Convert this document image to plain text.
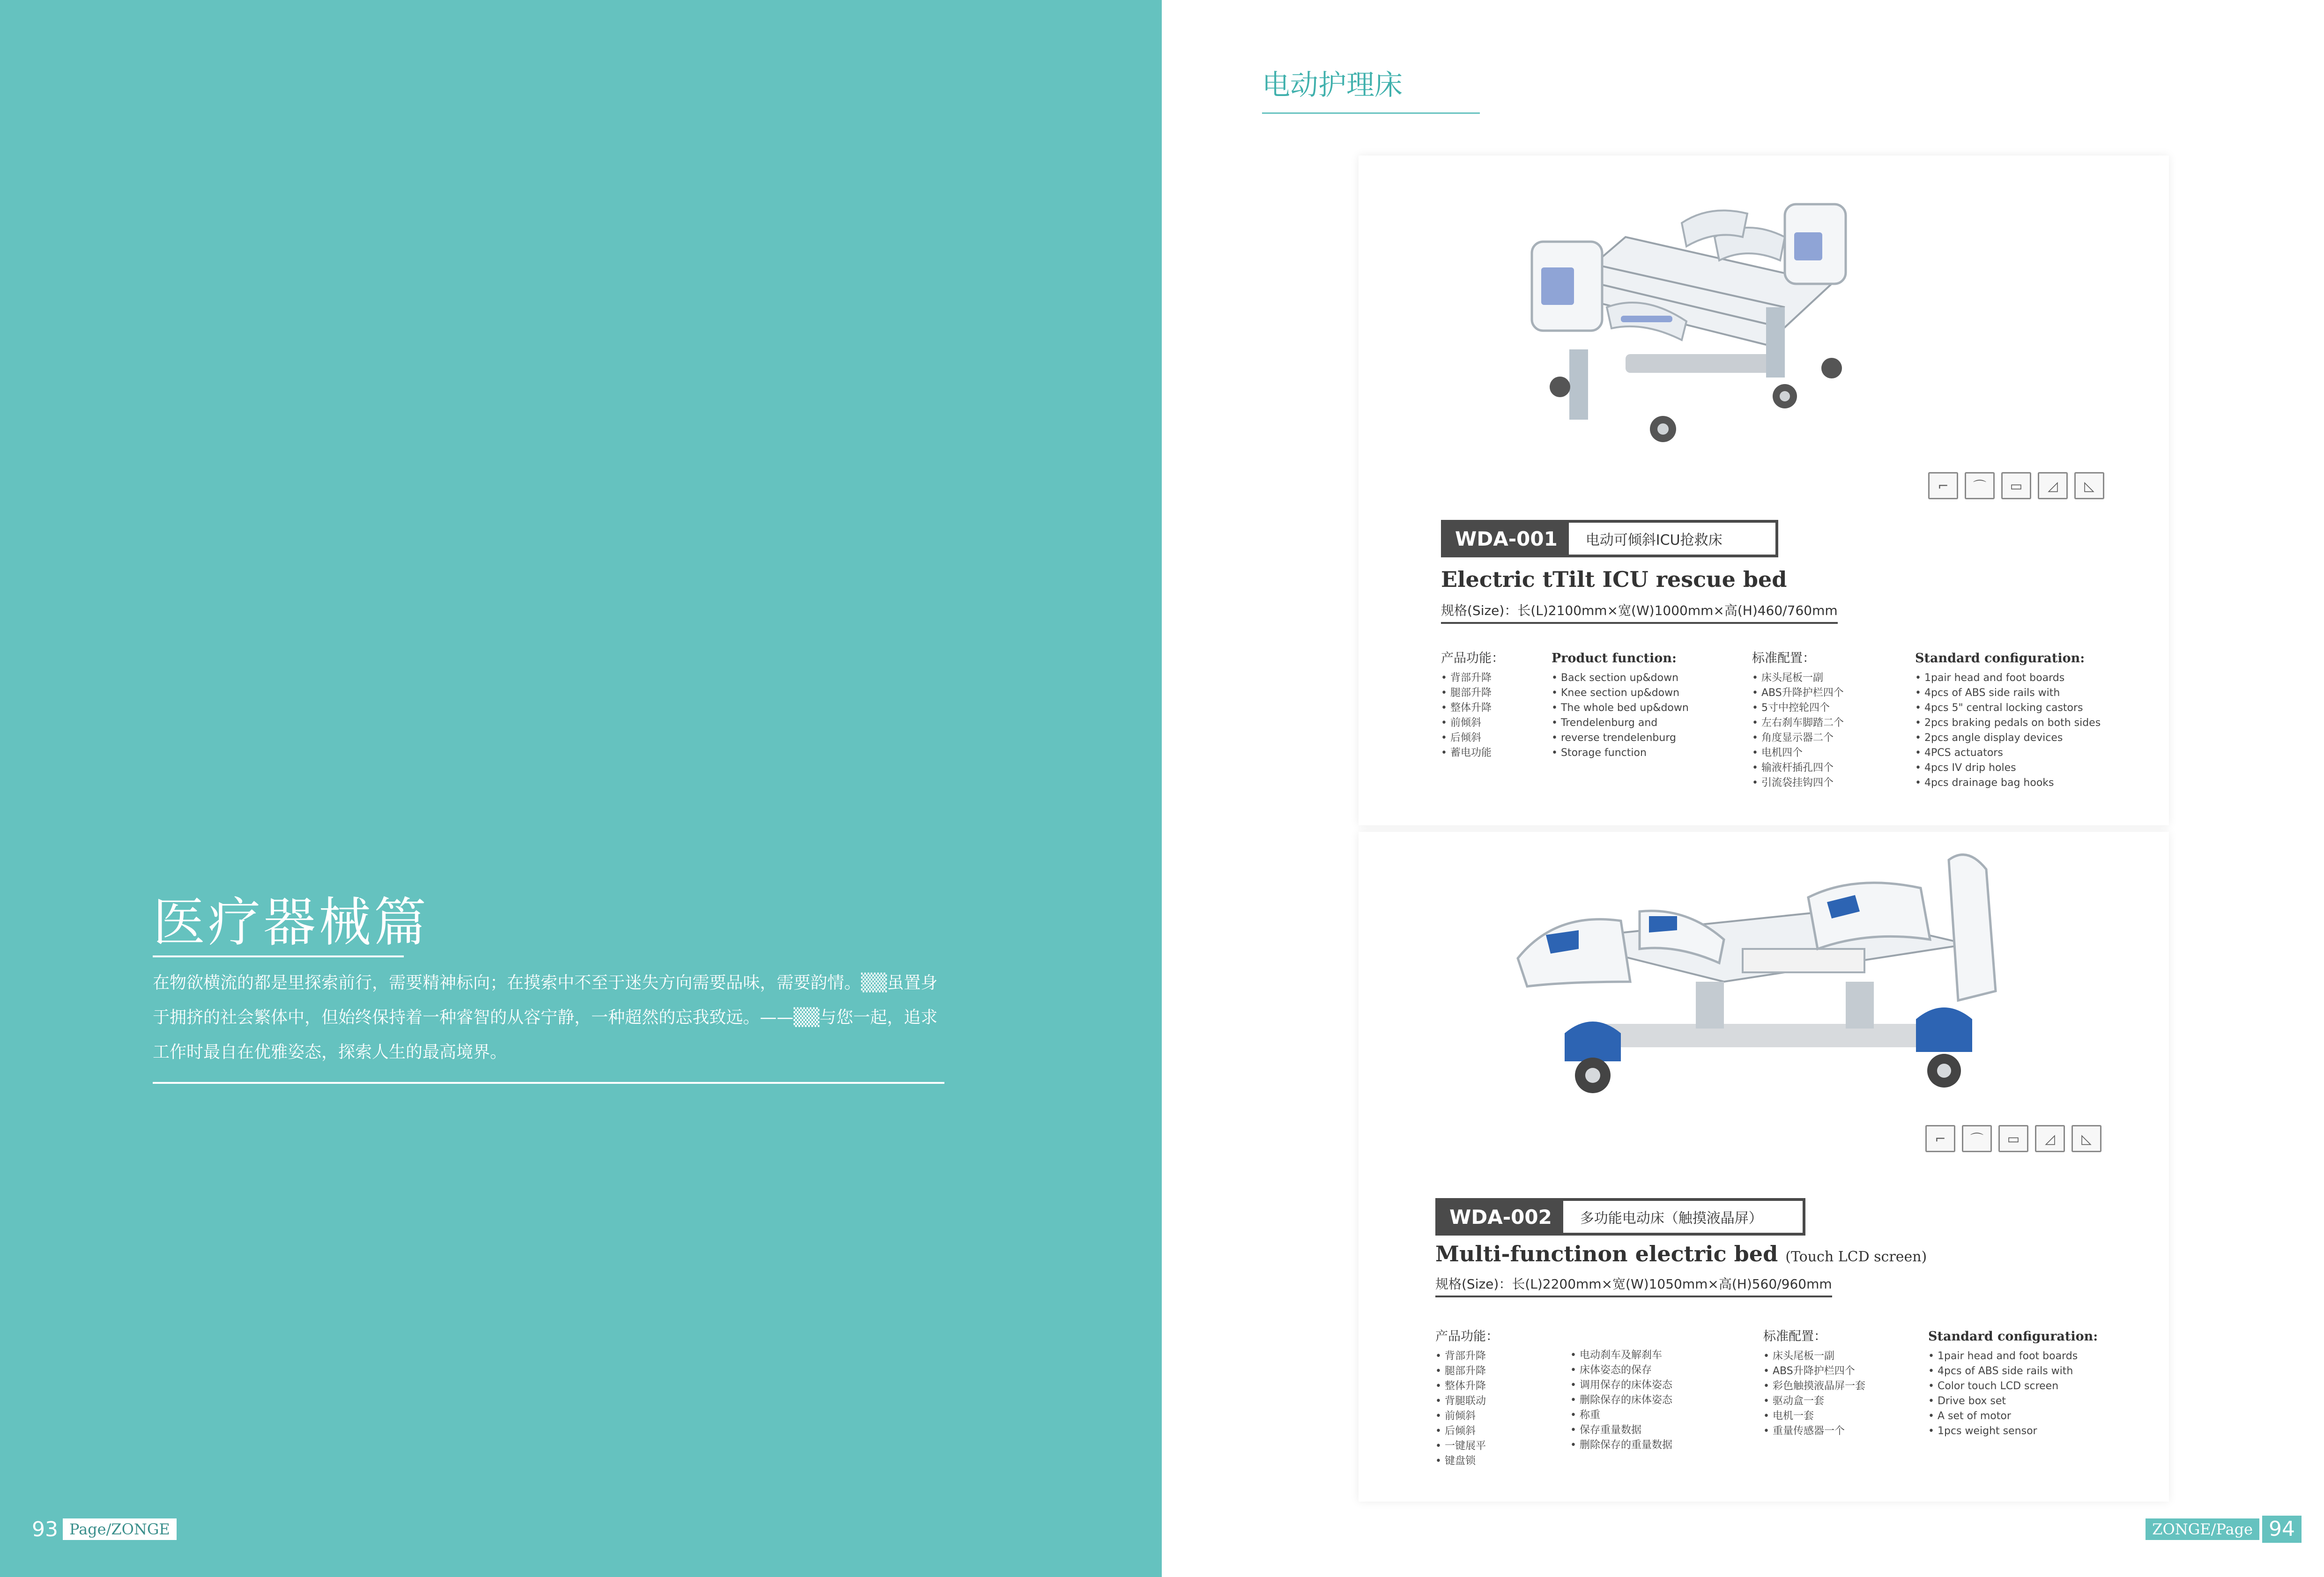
医疗器械篇
在物欲横流的都是里探索前行，需要精神标向；在摸索中不至于迷失方向需要品味，需要韵情。▒▒虽置身于拥挤的社会繁体中，但始终保持着一种睿智的从容宁静，一种超然的忘我致远。——▒▒与您一起，追求工作时最自在优雅姿态，探索人生的最高境界。
93 Page/ZONGE	ZONGE/Page 94
电动护理床
⌐	⌒	▭	◿	◺
WDA-001	电动可倾斜ICU抢救床
Electric tTilt ICU rescue bed
规格(Size)：长(L)2100mm×宽(W)1000mm×高(H)460/760mm
产品功能：
• 背部升降
• 腿部升降
• 整体升降
• 前倾斜
• 后倾斜
• 蓄电功能
Product function:
• Back section up&down
• Knee section up&down
• The whole bed up&down
• Trendelenburg and
• reverse trendelenburg
• Storage function
标准配置：
• 床头尾板一副
• ABS升降护栏四个
• 5寸中控轮四个
• 左右刹车脚踏二个
• 角度显示器二个
• 电机四个
• 输液杆插孔四个
• 引流袋挂钩四个
Standard configuration:
• 1pair head and foot boards
• 4pcs of ABS side rails with
• 4pcs 5" central locking castors
• 2pcs braking pedals on both sides
• 2pcs angle display devices
• 4PCS actuators
• 4pcs IV drip holes
• 4pcs drainage bag hooks
⌐	⌒	▭	◿	◺
WDA-002	多功能电动床（触摸液晶屏）
Multi-functinon electric bed (Touch LCD screen)
规格(Size)：长(L)2200mm×宽(W)1050mm×高(H)560/960mm
产品功能：
• 背部升降
• 腿部升降
• 整体升降
• 背腿联动
• 前倾斜
• 后倾斜
• 一键展平
• 键盘锁
• 电动刹车及解刹车
• 床体姿态的保存
• 调用保存的床体姿态
• 删除保存的床体姿态
• 称重
• 保存重量数据
• 删除保存的重量数据
标准配置：
• 床头尾板一副
• ABS升降护栏四个
• 彩色触摸液晶屏一套
• 驱动盒一套
• 电机一套
• 重量传感器一个
Standard configuration:
• 1pair head and foot boards
• 4pcs of ABS side rails with
• Color touch LCD screen
• Drive box set
• A set of motor
• 1pcs weight sensor
